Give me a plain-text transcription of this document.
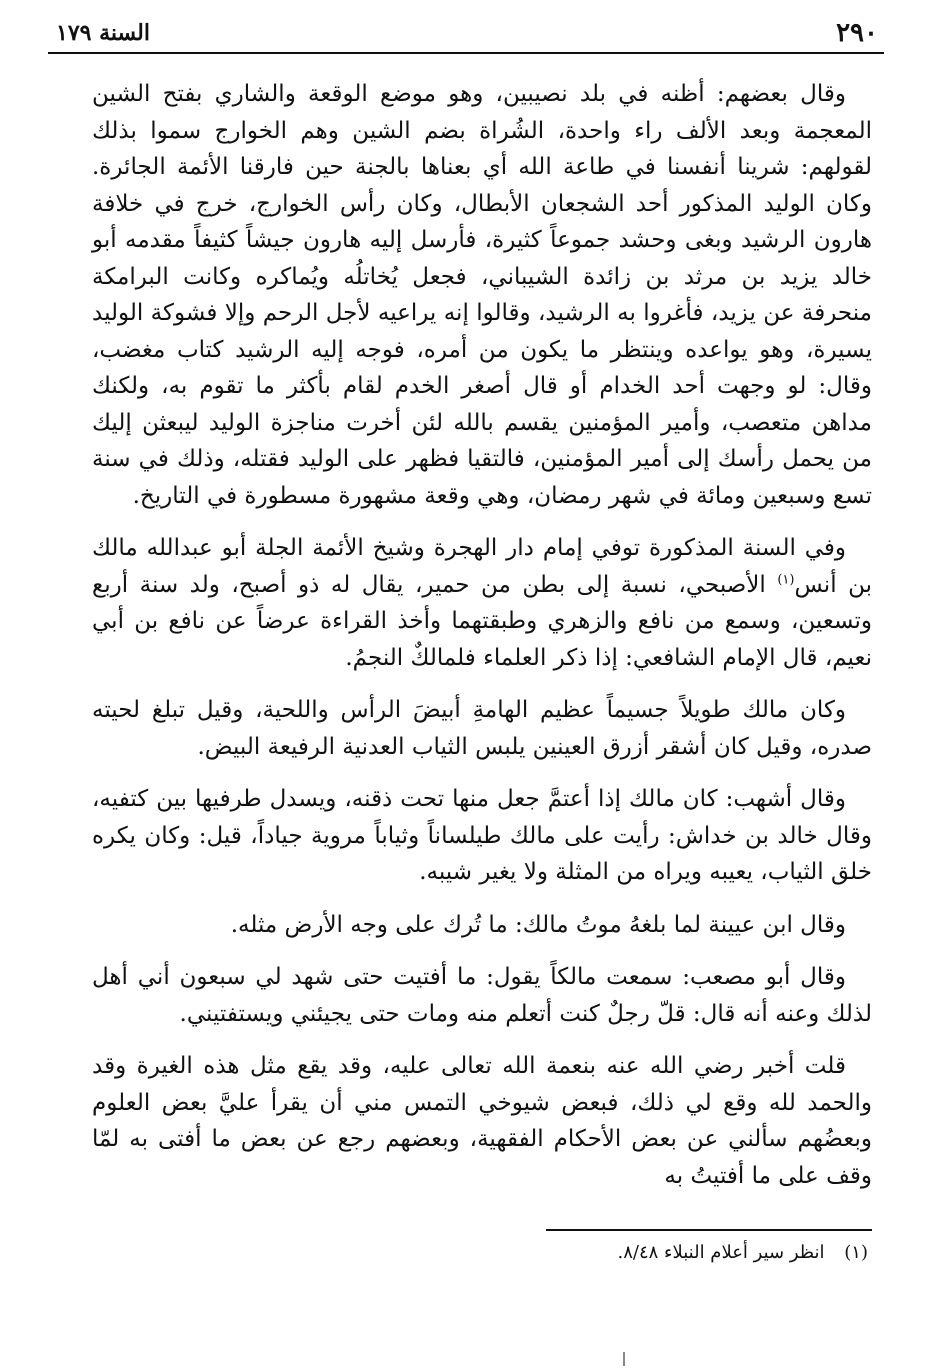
٢٩٠
السنة ١٧٩

وقال بعضهم: أظنه في بلد نصيبين، وهو موضع الوقعة والشاري بفتح الشين المعجمة وبعد الألف راء واحدة، الشُراة بضم الشين وهم الخوارج سموا بذلك لقولهم: شرينا أنفسنا في طاعة الله أي بعناها بالجنة حين فارقنا الأئمة الجائرة. وكان الوليد المذكور أحد الشجعان الأبطال، وكان رأس الخوارج، خرج في خلافة هارون الرشيد وبغى وحشد جموعاً كثيرة، فأرسل إليه هارون جيشاً كثيفاً مقدمه أبو خالد يزيد بن مرثد بن زائدة الشيباني، فجعل يُخاتلُه ويُماكره وكانت البرامكة منحرفة عن يزيد، فأغروا به الرشيد، وقالوا إنه يراعيه لأجل الرحم وإلا فشوكة الوليد يسيرة، وهو يواعده وينتظر ما يكون من أمره، فوجه إليه الرشيد كتاب مغضب، وقال: لو وجهت أحد الخدام أو قال أصغر الخدم لقام بأكثر ما تقوم به، ولكنك مداهن متعصب، وأمير المؤمنين يقسم بالله لئن أخرت مناجزة الوليد ليبعثن إليك من يحمل رأسك إلى أمير المؤمنين، فالتقيا فظهر على الوليد فقتله، وذلك في سنة تسع وسبعين ومائة في شهر رمضان، وهي وقعة مشهورة مسطورة في التاريخ.

وفي السنة المذكورة توفي إمام دار الهجرة وشيخ الأئمة الجلة أبو عبدالله مالك بن أنس$^{(١)}$ الأصبحي، نسبة إلى بطن من حمير، يقال له ذو أصبح، ولد سنة أربع وتسعين، وسمع من نافع والزهري وطبقتهما وأخذ القراءة عرضاً عن نافع بن أبي نعيم، قال الإمام الشافعي: إذا ذكر العلماء فلمالكٌ النجمُ.

وكان مالك طويلاً جسيماً عظيم الهامةِ أبيضَ الرأس واللحية، وقيل تبلغ لحيته صدره، وقيل كان أشقر أزرق العينين يلبس الثياب العدنية الرفيعة البيض.

وقال أشهب: كان مالك إذا أعتمَّ جعل منها تحت ذقنه، ويسدل طرفيها بين كتفيه، وقال خالد بن خداش: رأيت على مالك طيلساناً وثياباً مروية جياداً، قيل: وكان يكره خلق الثياب، يعيبه ويراه من المثلة ولا يغير شيبه.

وقال ابن عيينة لما بلغهُ موتُ مالك: ما تُرك على وجه الأرض مثله.

وقال أبو مصعب: سمعت مالكاً يقول: ما أفتيت حتى شهد لي سبعون أني أهل لذلك وعنه أنه قال: قلّ رجلٌ كنت أتعلم منه ومات حتى يجيئني ويستفتيني.

قلت أخبر رضي الله عنه بنعمة الله تعالى عليه، وقد يقع مثل هذه الغيرة وقد والحمد لله وقع لي ذلك، فبعض شيوخي التمس مني أن يقرأ عليَّ بعض العلوم وبعضُهم سألني عن بعض الأحكام الفقهية، وبعضهم رجع عن بعض ما أفتى به لمّا وقف على ما أفتيتُ به

(١) انظر سير أعلام النبلاء ٨/٤٨.
